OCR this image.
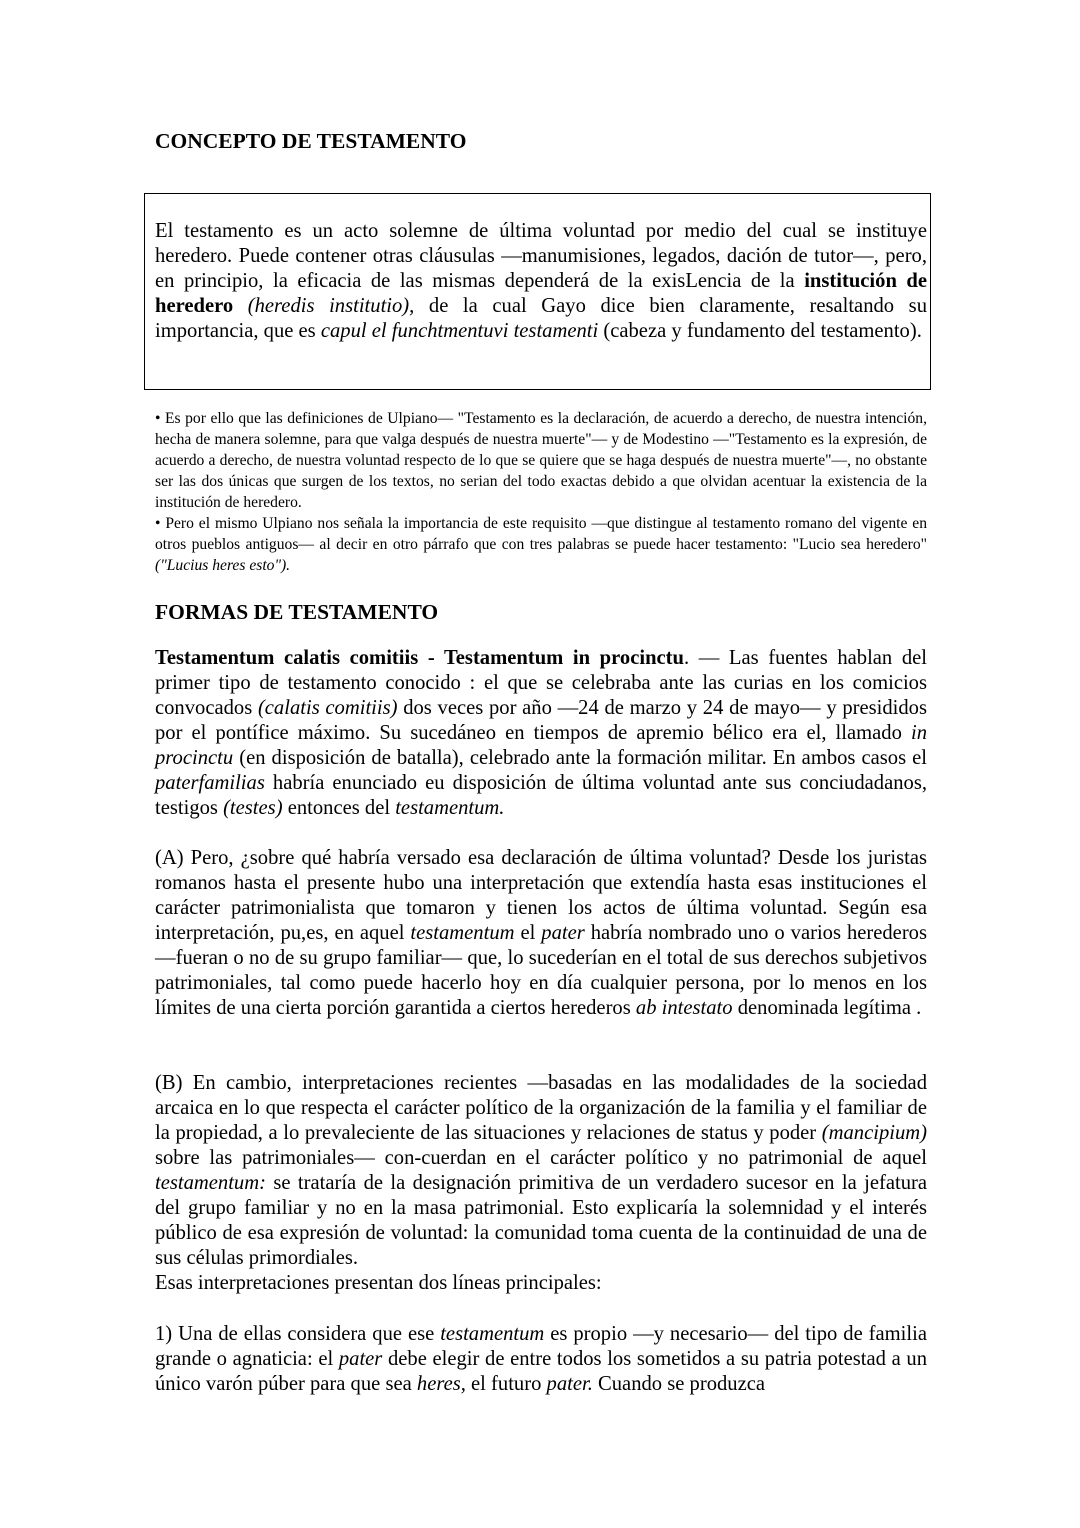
CONCEPTO DE TESTAMENTO
El testamento es un acto solemne de última voluntad por medio del cual se instituye heredero. Puede contener otras cláusulas —manumisiones, legados, dación de tutor—, pero, en principio, la eficacia de las mismas dependerá de la exisLencia de la institución de heredero (heredis institutio), de la cual Gayo dice bien claramente, resaltando su importancia, que es capul el funchtmentuvi testamenti (cabeza y fundamento del testamento).
• Es por ello que las definiciones de Ulpiano— "Testamento es la declaración, de acuerdo a derecho, de nuestra intención, hecha de manera solemne, para que valga después de nuestra muerte"— y de Modestino —"Testamento es la expresión, de acuerdo a derecho, de nuestra voluntad respecto de lo que se quiere que se haga después de nuestra muerte"—, no obstante ser las dos únicas que surgen de los textos, no serian del todo exactas debido a que olvidan acentuar la existencia de la institución de heredero.
• Pero el mismo Ulpiano nos señala la importancia de este requisito —que distingue al testamento romano del vigente en otros pueblos antiguos— al decir en otro párrafo que con tres palabras se puede hacer testamento: "Lucio sea heredero" ("Lucius heres esto").
FORMAS DE TESTAMENTO
Testamentum calatis comitiis - Testamentum in procinctu. — Las fuentes hablan del primer tipo de testamento conocido : el que se celebraba ante las curias en los comicios convocados (calatis comitiis) dos veces por año —24 de marzo y 24 de mayo— y presididos por el pontífice máximo. Su sucedáneo en tiempos de apremio bélico era el, llamado in procinctu (en disposición de batalla), celebrado ante la formación militar. En ambos casos el paterfamilias habría enunciado eu disposición de última voluntad ante sus conciudadanos, testigos (testes) entonces del testamentum.
(A) Pero, ¿sobre qué habría versado esa declaración de última voluntad? Desde los juristas romanos hasta el presente hubo una interpretación que extendía hasta esas instituciones el carácter patrimonialista que tomaron y tienen los actos de última voluntad. Según esa interpretación, pu,es, en aquel testamentum el pater habría nombrado uno o varios herederos —fueran o no de su grupo familiar— que, lo sucederían en el total de sus derechos subjetivos patrimoniales, tal como puede hacerlo hoy en día cualquier persona, por lo menos en los límites de una cierta porción garantida a ciertos herederos ab intestato denominada legítima .
(B) En cambio, interpretaciones recientes —basadas en las modalidades de la sociedad arcaica en lo que respecta el carácter político de la organización de la familia y el familiar de la propiedad, a lo prevaleciente de las situaciones y relaciones de status y poder (mancipium) sobre las patrimoniales— con-cuerdan en el carácter político y no patrimonial de aquel testamentum: se trataría de la designación primitiva de un verdadero sucesor en la jefatura del grupo familiar y no en la masa patrimonial. Esto explicaría la solemnidad y el interés público de esa expresión de voluntad: la comunidad toma cuenta de la continuidad de una de sus células primordiales.
Esas interpretaciones presentan dos líneas principales:
1) Una de ellas considera que ese testamentum es propio —y necesario— del tipo de familia grande o agnaticia: el pater debe elegir de entre todos los sometidos a su patria potestad a un único varón púber para que sea heres, el futuro pater. Cuando se produzca
